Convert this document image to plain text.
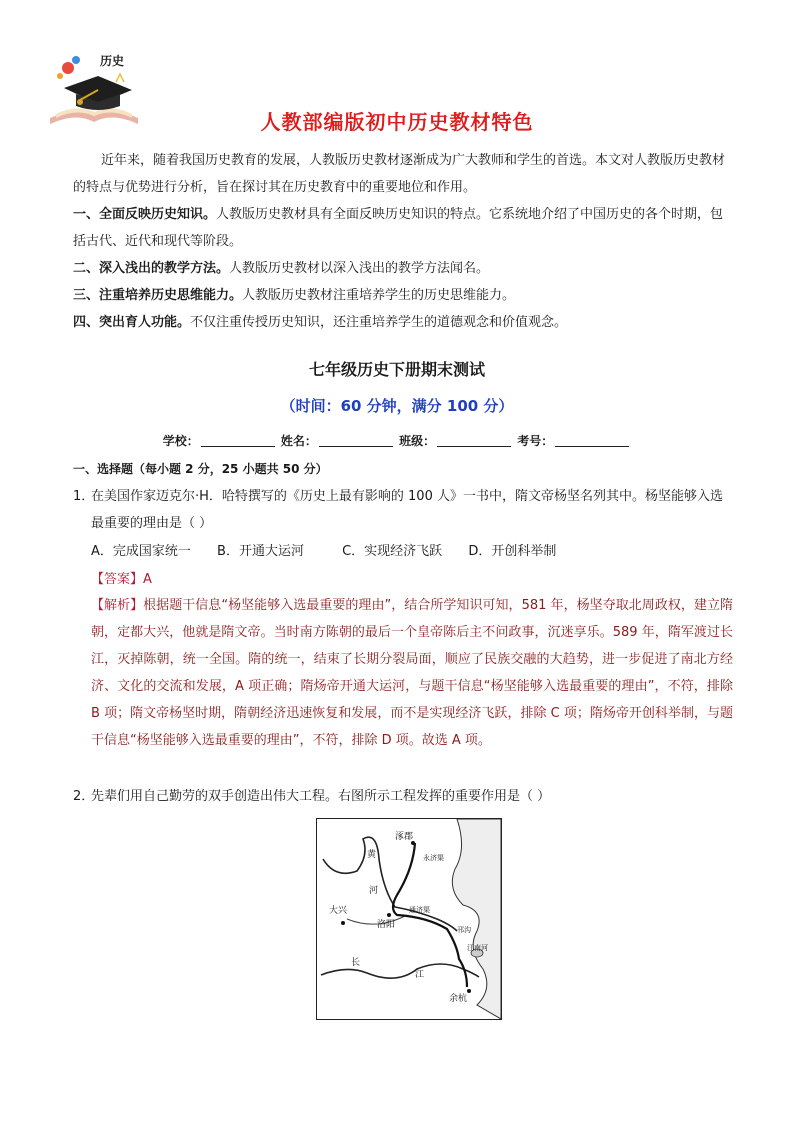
历史
人教部编版初中历史教材特色
近年来，随着我国历史教育的发展，人教版历史教材逐渐成为广大教师和学生的首选。本文对人教版历史教材的特点与优势进行分析，旨在探讨其在历史教育中的重要地位和作用。
一、全面反映历史知识。人教版历史教材具有全面反映历史知识的特点。它系统地介绍了中国历史的各个时期，包括古代、近代和现代等阶段。
二、深入浅出的教学方法。人教版历史教材以深入浅出的教学方法闻名。
三、注重培养历史思维能力。人教版历史教材注重培养学生的历史思维能力。
四、突出育人功能。不仅注重传授历史知识，还注重培养学生的道德观念和价值观念。
七年级历史下册期末测试
（时间：60 分钟，满分 100 分）
学校：	姓名：	班级：	考号：
一、选择题（每小题 2 分，25 小题共 50 分）
1．
在美国作家迈克尔·H．哈特撰写的《历史上最有影响的 100 人》一书中，隋文帝杨坚名列其中。杨坚能够入选最重要的理由是（ ）
A．完成国家统一 B．开通大运河	C．实现经济飞跃 D．开创科举制
【答案】A
【解析】根据题干信息“杨坚能够入选最重要的理由”，结合所学知识可知，581 年，杨坚夺取北周政权，建立隋朝，定都大兴，他就是隋文帝。当时南方陈朝的最后一个皇帝陈后主不问政事，沉迷享乐。589 年，隋军渡过长江，灭掉陈朝，统一全国。隋的统一，结束了长期分裂局面，顺应了民族交融的大趋势，进一步促进了南北方经济、文化的交流和发展，A 项正确；隋炀帝开通大运河，与题干信息“杨坚能够入选最重要的理由”，不符，排除 B 项；隋文帝杨坚时期，隋朝经济迅速恢复和发展，而不是实现经济飞跃，排除 C 项；隋炀帝开创科举制，与题干信息“杨坚能够入选最重要的理由”，不符，排除 D 项。故选 A 项。
2．
先辈们用自己勤劳的双手创造出伟大工程。右图所示工程发挥的重要作用是（ ）
涿郡
永济渠
黄
河
大兴
洛阳
通济渠
邗沟
江南河
长
江
余杭
